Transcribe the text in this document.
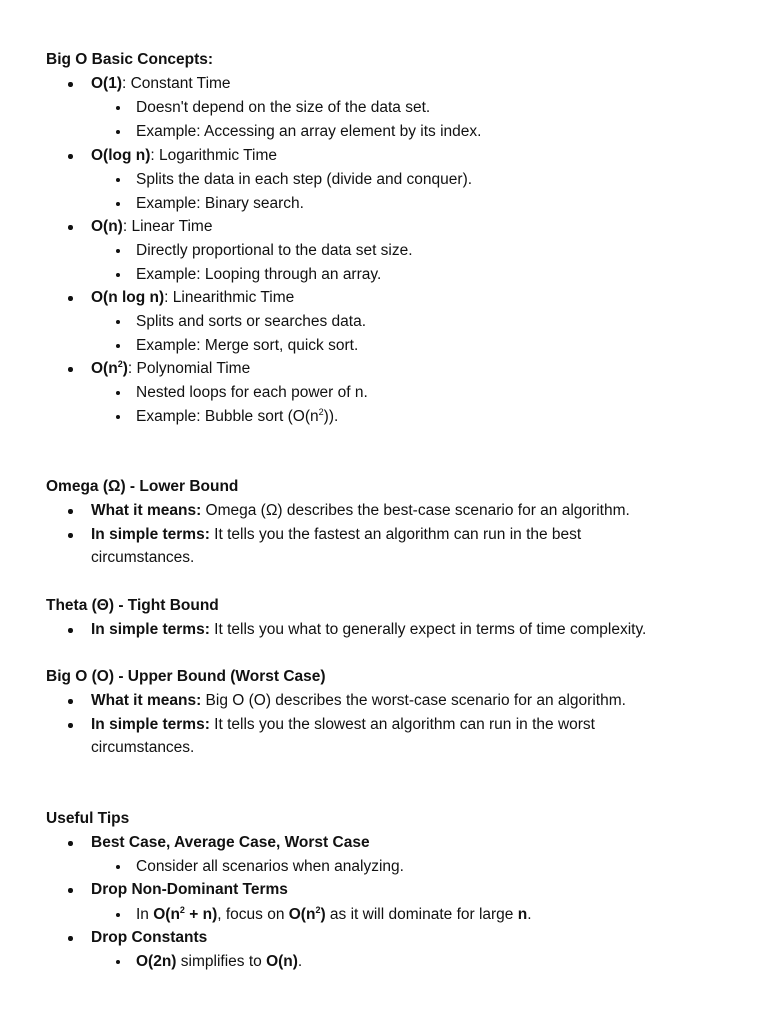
Big O Basic Concepts:
O(1): Constant Time
Doesn't depend on the size of the data set.
Example: Accessing an array element by its index.
O(log n): Logarithmic Time
Splits the data in each step (divide and conquer).
Example: Binary search.
O(n): Linear Time
Directly proportional to the data set size.
Example: Looping through an array.
O(n log n): Linearithmic Time
Splits and sorts or searches data.
Example: Merge sort, quick sort.
$O(n^2)$: Polynomial Time
Nested loops for each power of n.
Example: Bubble sort $(O(n^2))$.
Omega (Ω) - Lower Bound
What it means: Omega (Ω) describes the best-case scenario for an algorithm.
In simple terms: It tells you the fastest an algorithm can run in the best
circumstances.
Theta (Θ) - Tight Bound
In simple terms: It tells you what to generally expect in terms of time complexity.
Big O (O) - Upper Bound (Worst Case)
What it means: Big O (O) describes the worst-case scenario for an algorithm.
In simple terms: It tells you the slowest an algorithm can run in the worst
circumstances.
Useful Tips
Best Case, Average Case, Worst Case
Consider all scenarios when analyzing.
Drop Non-Dominant Terms
In $O(n^2 + n)$, focus on $O(n^2)$ as it will dominate for large n.
Drop Constants
O(2n) simplifies to O(n).
